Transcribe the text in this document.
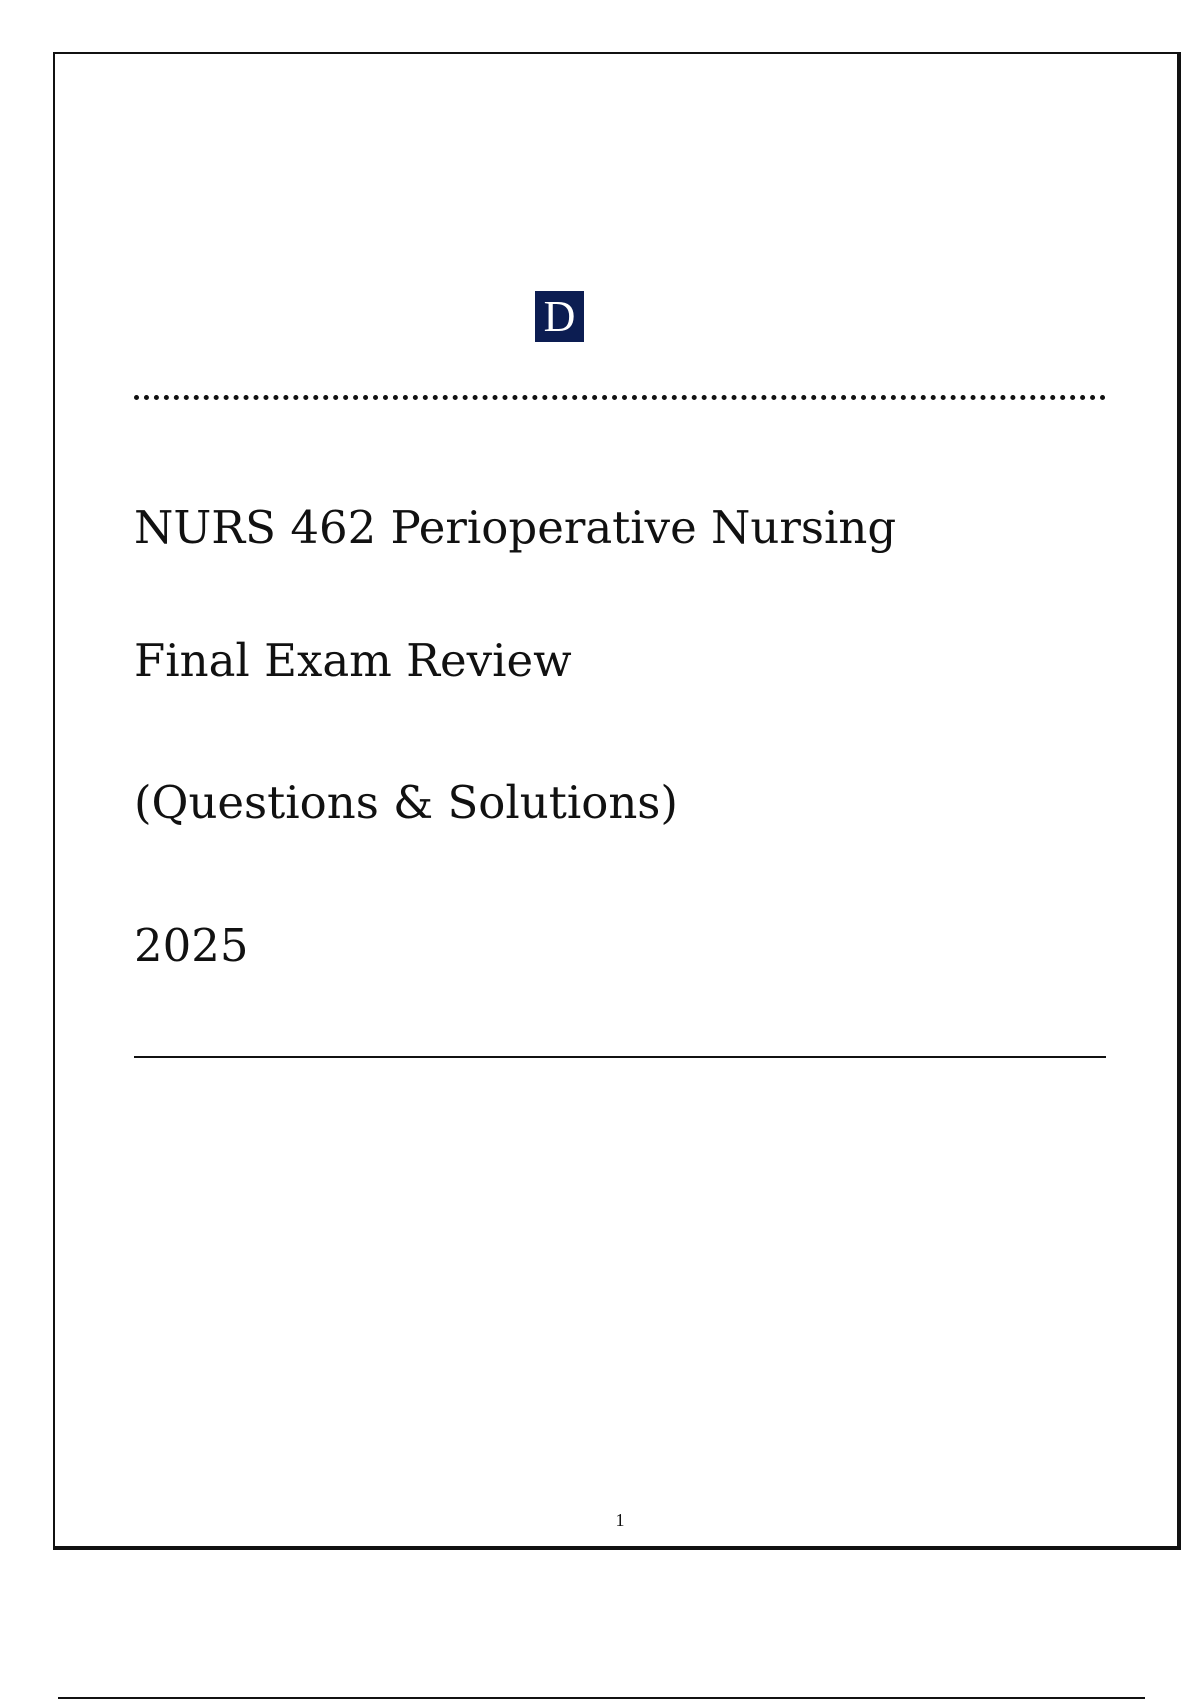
D
NURS 462 Perioperative Nursing
Final Exam Review
(Questions & Solutions)
2025
1
